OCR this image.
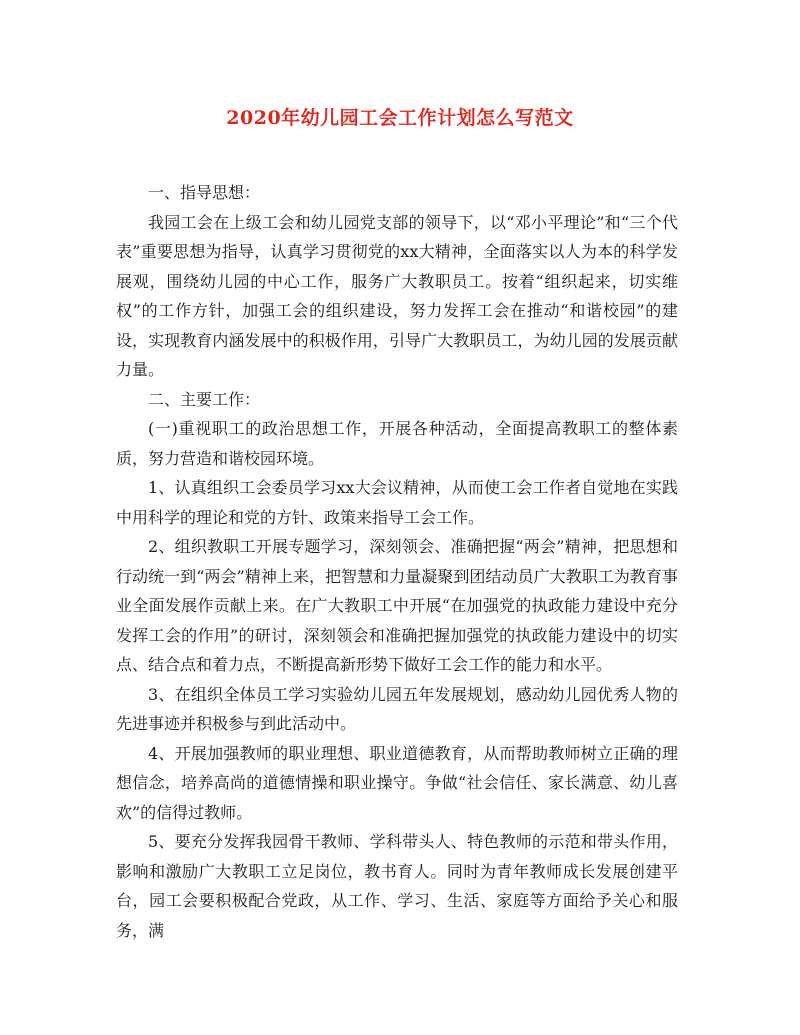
2020年幼儿园工会工作计划怎么写范文

一、指导思想：

我园工会在上级工会和幼儿园党支部的领导下，以“邓小平理论”和“三个代表”重要思想为指导，认真学习贯彻党的xx大精神，全面落实以人为本的科学发展观，围绕幼儿园的中心工作，服务广大教职员工。按着“组织起来，切实维权”的工作方针，加强工会的组织建设，努力发挥工会在推动“和谐校园”的建设，实现教育内涵发展中的积极作用，引导广大教职员工，为幼儿园的发展贡献力量。

二、主要工作：

(一)重视职工的政治思想工作，开展各种活动，全面提高教职工的整体素质，努力营造和谐校园环境。

1、认真组织工会委员学习xx大会议精神，从而使工会工作者自觉地在实践中用科学的理论和党的方针、政策来指导工会工作。

2、组织教职工开展专题学习，深刻领会、准确把握“两会”精神，把思想和行动统一到“两会”精神上来，把智慧和力量凝聚到团结动员广大教职工为教育事业全面发展作贡献上来。在广大教职工中开展“在加强党的执政能力建设中充分发挥工会的作用”的研讨，深刻领会和准确把握加强党的执政能力建设中的切实点、结合点和着力点，不断提高新形势下做好工会工作的能力和水平。

3、在组织全体员工学习实验幼儿园五年发展规划，感动幼儿园优秀人物的先进事迹并积极参与到此活动中。

4、开展加强教师的职业理想、职业道德教育，从而帮助教师树立正确的理想信念，培养高尚的道德情操和职业操守。争做“社会信任、家长满意、幼儿喜欢”的信得过教师。

5、要充分发挥我园骨干教师、学科带头人、特色教师的示范和带头作用，影响和激励广大教职工立足岗位，教书育人。同时为青年教师成长发展创建平台，园工会要积极配合党政，从工作、学习、生活、家庭等方面给予关心和服务，满
